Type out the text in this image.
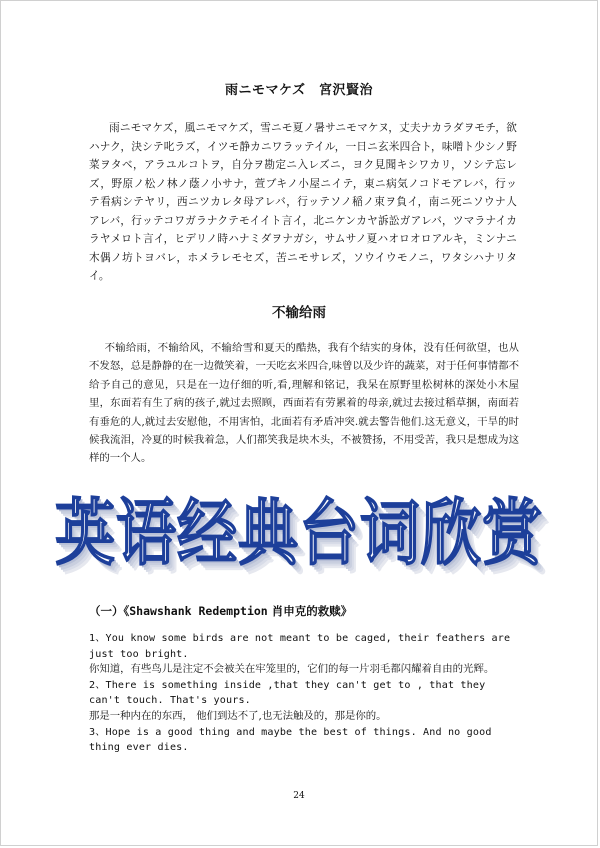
雨ニモマケズ　宮沢賢治
雨ニモマケズ，風ニモマケズ，雪ニモ夏ノ暑サニモマケヌ，丈夫ナカラダヲモチ，欲ハナク，決シテ叱ラズ，イツモ静カニワラッテイル，一日ニ玄米四合ト，味噌ト少シノ野菜ヲタベ，アラユルコトヲ，自分ヲ勘定ニ入レズニ，ヨク見聞キシワカリ，ソシテ忘レズ，野原ノ松ノ林ノ蔭ノ小サナ，萱ブキノ小屋ニイテ，東ニ病気ノコドモアレバ，行ッテ看病シテヤリ，西ニツカレタ母アレバ，行ッテソノ稲ノ束ヲ負イ，南ニ死ニソウナ人アレバ，行ッテコワガラナクテモイイト言イ，北ニケンカヤ訴訟ガアレバ，ツマラナイカラヤメロト言イ，ヒデリノ時ハナミダヲナガシ，サムサノ夏ハオロオロアルキ，ミンナニ木偶ノ坊トヨバレ，ホメラレモセズ，苦ニモサレズ，ソウイウモノニ，ワタシハナリタイ。
不输给雨
不输给雨，不输给风，不输给雪和夏天的酷热，我有个结实的身体，没有任何欲望，也从不发怒，总是静静的在一边微笑着，一天吃玄米四合,味曾以及少许的蔬菜，对于任何事情都不给予自己的意见，只是在一边仔细的听,看,理解和铭记，我呆在原野里松树林的深处小木屋里，东面若有生了病的孩子,就过去照顾，西面若有劳累着的母亲,就过去接过稻草捆，南面若有垂危的人,就过去安慰他，不用害怕，北面若有矛盾冲突.就去警告他们.这无意义，干旱的时候我流泪，冷夏的时候我着急，人们都笑我是块木头，不被赞扬，不用受苦，我只是想成为这样的一个人。
英语经典台词欣赏
（一）《Shawshank Redemption 肖申克的救赎》
1、You know some birds are not meant to be caged, their feathers are just too bright.
你知道，有些鸟儿是注定不会被关在牢笼里的，它们的每一片羽毛都闪耀着自由的光辉。
2、There is something inside ,that they can't get to , that they can't touch. That's yours.
那是一种内在的东西， 他们到达不了,也无法触及的，那是你的。
3、Hope is a good thing and maybe the best of things. And no good thing ever dies.
24
